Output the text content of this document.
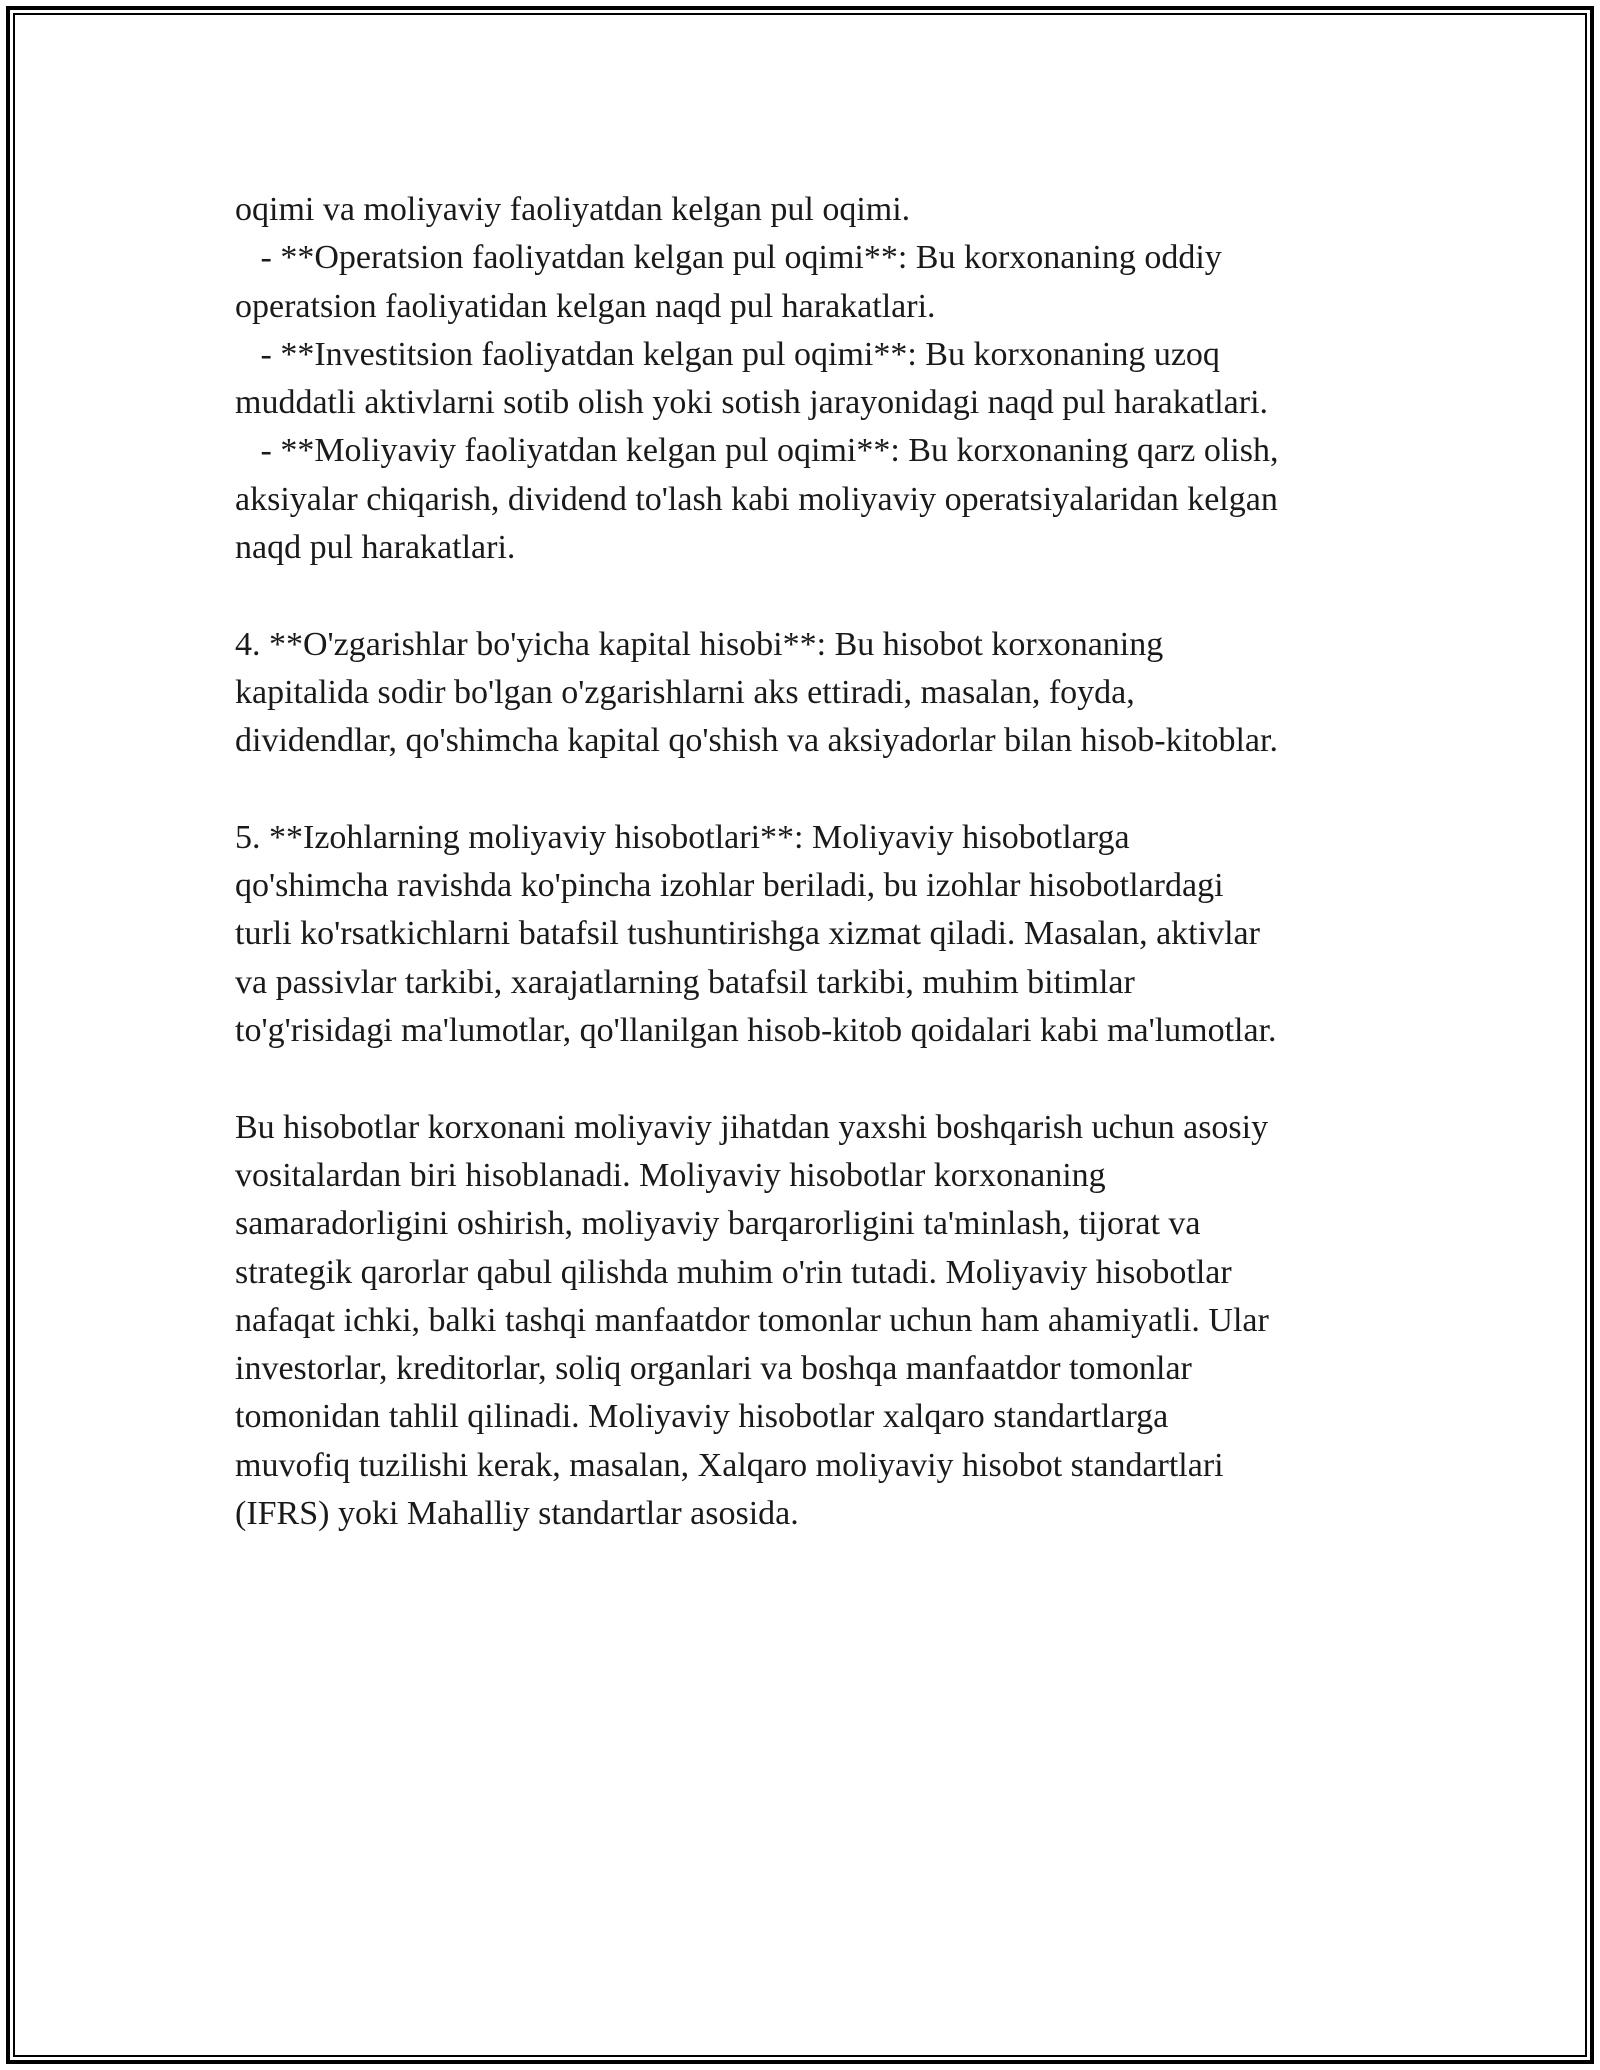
oqimi va moliyaviy faoliyatdan kelgan pul oqimi.
- **Operatsion faoliyatdan kelgan pul oqimi**: Bu korxonaning oddiy
operatsion faoliyatidan kelgan naqd pul harakatlari.
- **Investitsion faoliyatdan kelgan pul oqimi**: Bu korxonaning uzoq
muddatli aktivlarni sotib olish yoki sotish jarayonidagi naqd pul harakatlari.
- **Moliyaviy faoliyatdan kelgan pul oqimi**: Bu korxonaning qarz olish,
aksiyalar chiqarish, dividend to'lash kabi moliyaviy operatsiyalaridan kelgan
naqd pul harakatlari.
4. **O'zgarishlar bo'yicha kapital hisobi**: Bu hisobot korxonaning
kapitalida sodir bo'lgan o'zgarishlarni aks ettiradi, masalan, foyda,
dividendlar, qo'shimcha kapital qo'shish va aksiyadorlar bilan hisob-kitoblar.
5. **Izohlarning moliyaviy hisobotlari**: Moliyaviy hisobotlarga
qo'shimcha ravishda ko'pincha izohlar beriladi, bu izohlar hisobotlardagi
turli ko'rsatkichlarni batafsil tushuntirishga xizmat qiladi. Masalan, aktivlar
va passivlar tarkibi, xarajatlarning batafsil tarkibi, muhim bitimlar
to'g'risidagi ma'lumotlar, qo'llanilgan hisob-kitob qoidalari kabi ma'lumotlar.
Bu hisobotlar korxonani moliyaviy jihatdan yaxshi boshqarish uchun asosiy
vositalardan biri hisoblanadi. Moliyaviy hisobotlar korxonaning
samaradorligini oshirish, moliyaviy barqarorligini ta'minlash, tijorat va
strategik qarorlar qabul qilishda muhim o'rin tutadi. Moliyaviy hisobotlar
nafaqat ichki, balki tashqi manfaatdor tomonlar uchun ham ahamiyatli. Ular
investorlar, kreditorlar, soliq organlari va boshqa manfaatdor tomonlar
tomonidan tahlil qilinadi. Moliyaviy hisobotlar xalqaro standartlarga
muvofiq tuzilishi kerak, masalan, Xalqaro moliyaviy hisobot standartlari
(IFRS) yoki Mahalliy standartlar asosida.
